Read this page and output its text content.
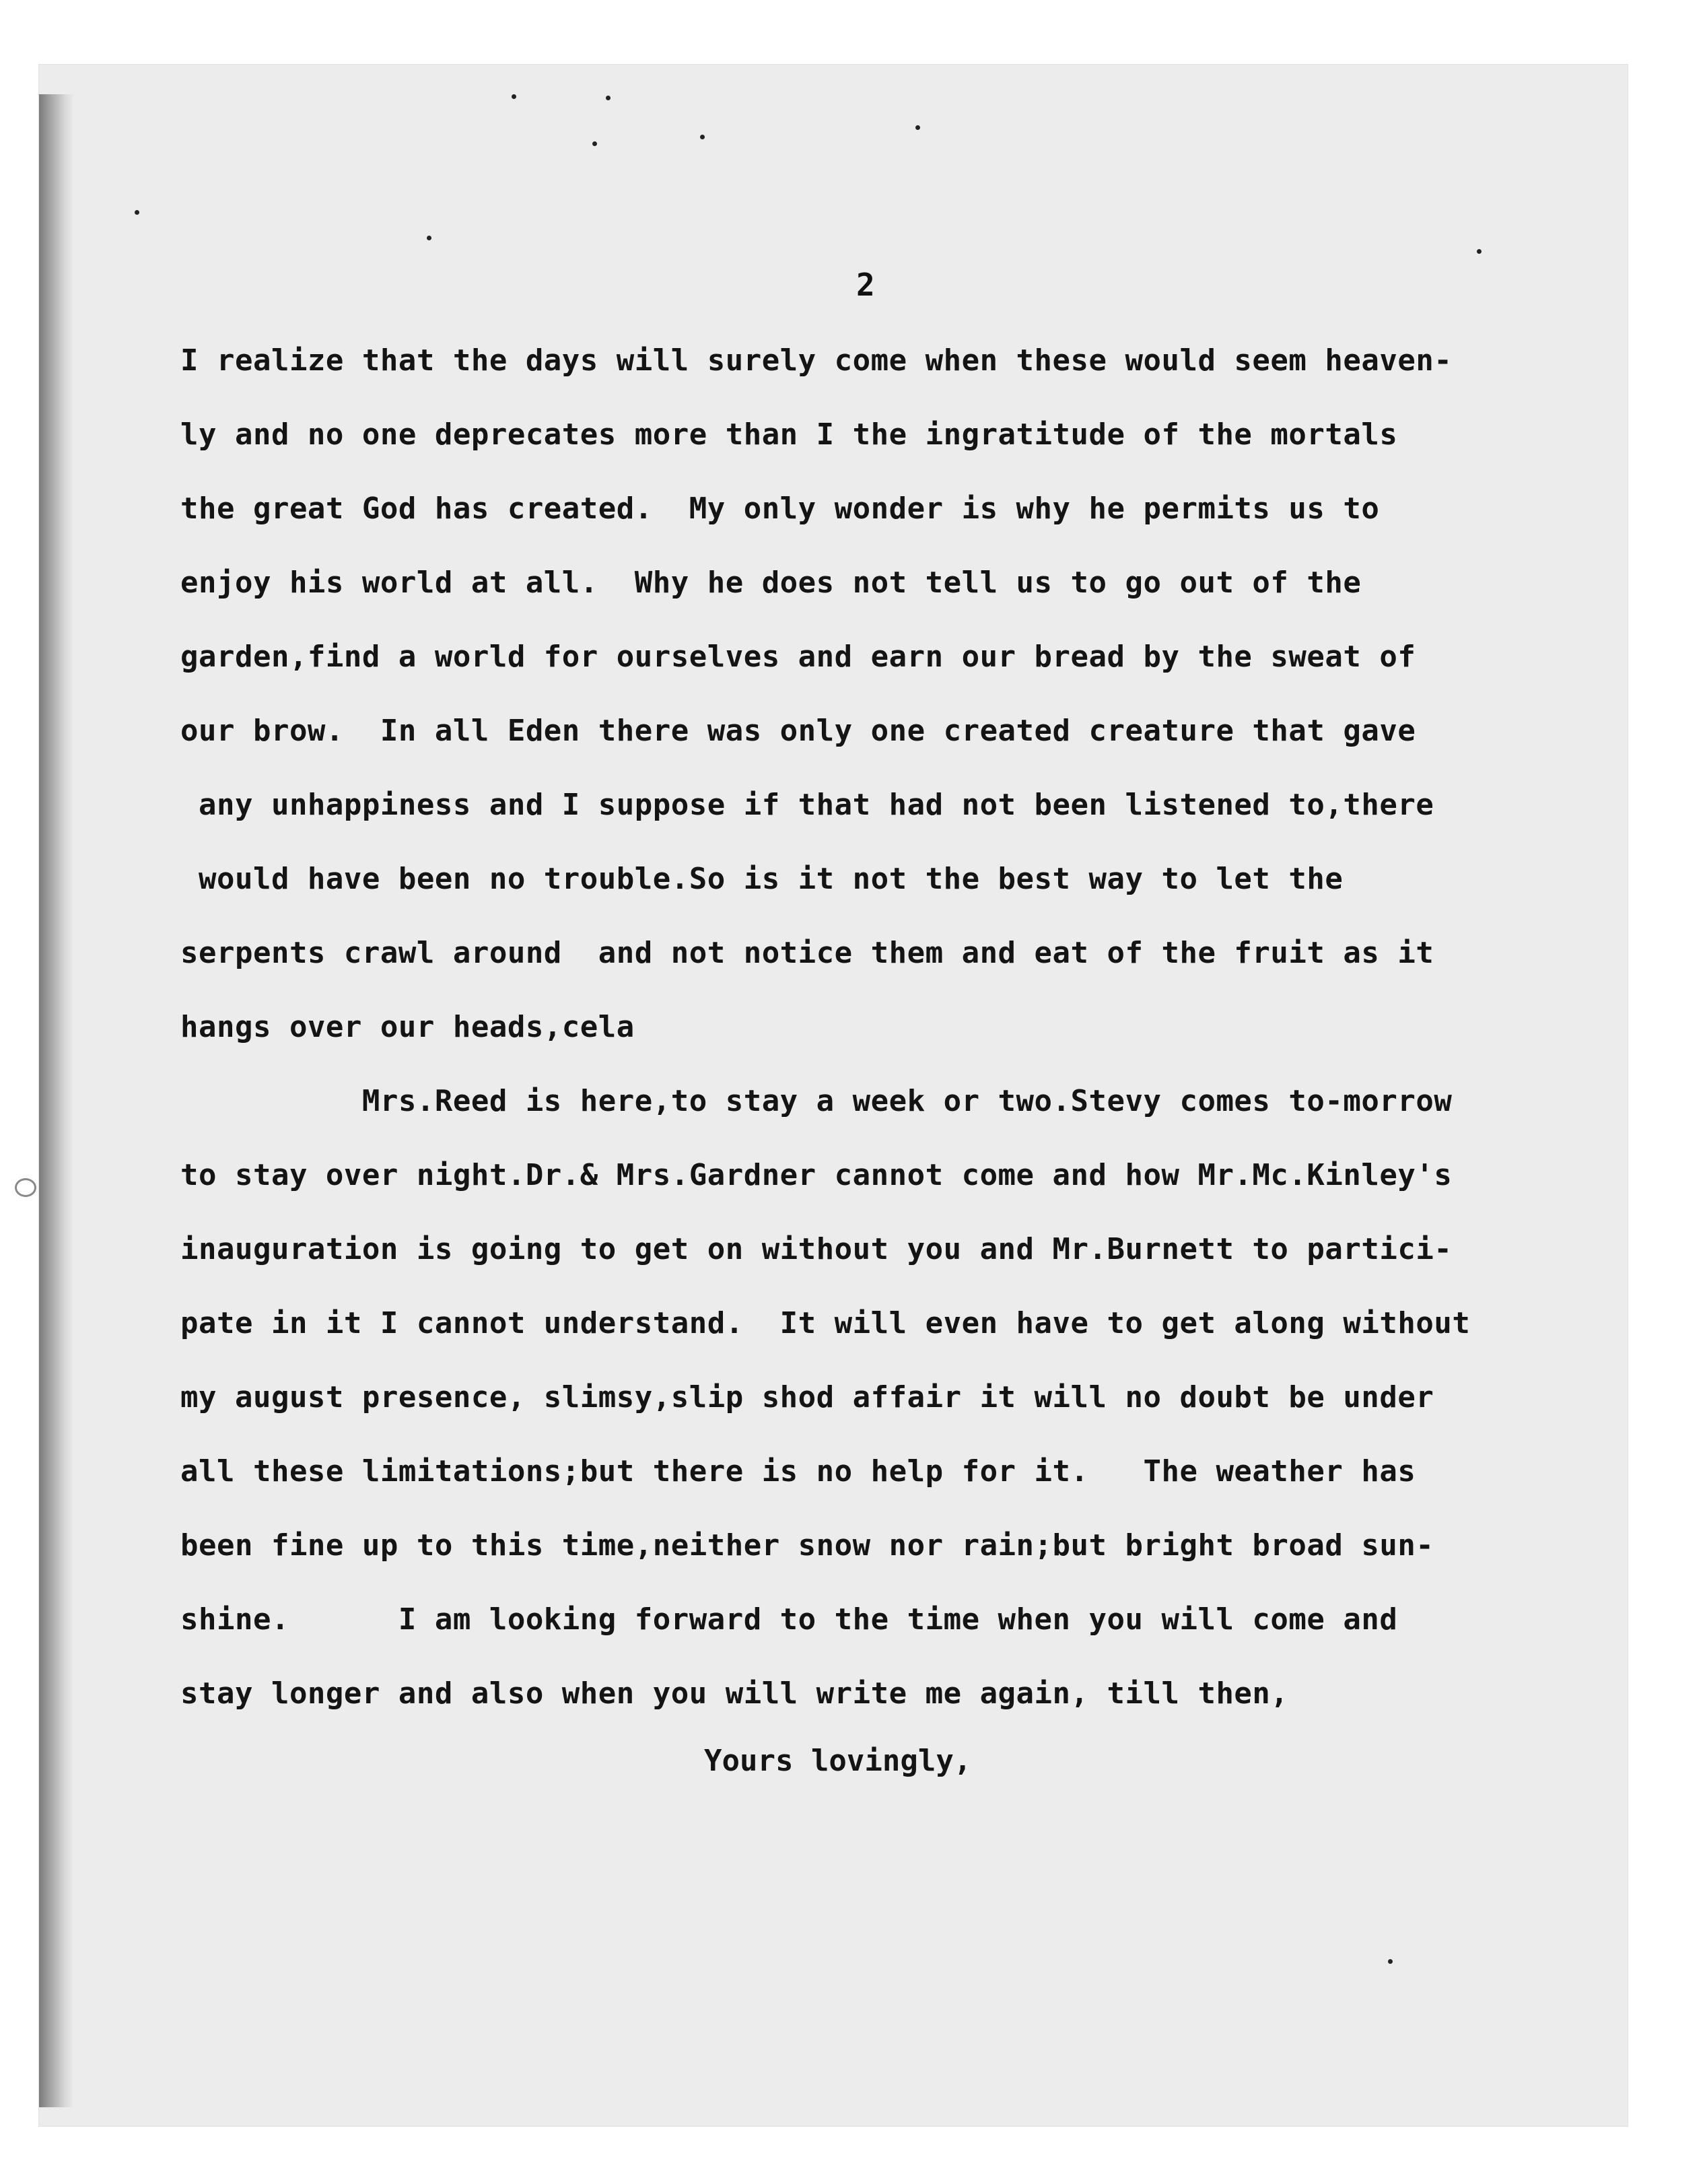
2
I realize that the days will surely come when these would seem heaven-
ly and no one deprecates more than I the ingratitude of the mortals
the great God has created.  My only wonder is why he permits us to
enjoy his world at all.  Why he does not tell us to go out of the
garden,find a world for ourselves and earn our bread by the sweat of
our brow.  In all Eden there was only one created creature that gave
any unhappiness and I suppose if that had not been listened to,there
would have been no trouble.So is it not the best way to let the
serpents crawl around  and not notice them and eat of the fruit as it
hangs over our heads,cela
Mrs.Reed is here,to stay a week or two.Stevy comes to-morrow
to stay over night.Dr.& Mrs.Gardner cannot come and how Mr.Mc.Kinley's
inauguration is going to get on without you and Mr.Burnett to partici-
pate in it I cannot understand.  It will even have to get along without
my august presence, slimsy,slip shod affair it will no doubt be under
all these limitations;but there is no help for it.   The weather has
been fine up to this time,neither snow nor rain;but bright broad sun-
shine.      I am looking forward to the time when you will come and
stay longer and also when you will write me again, till then,
Yours lovingly,
